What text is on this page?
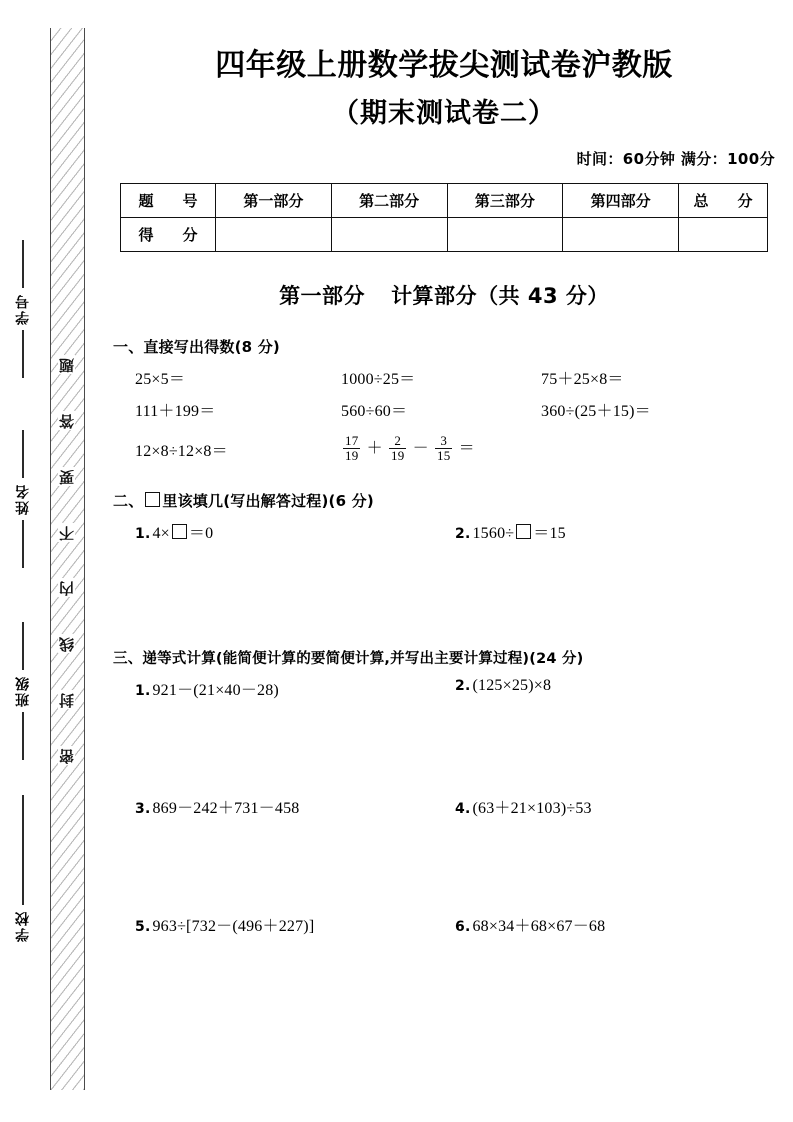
题
答
要
不
内
线
封
密
学号
姓名
班级
学校
四年级上册数学拔尖测试卷沪教版
（期末测试卷二）
时间：60分钟 满分：100分
题　号	第一部分	第二部分	第三部分	第四部分	总　分
得　分					
第一部分 计算部分（共 43 分）
一、直接写出得数(8 分)
25×5＝	1000÷25＝	75＋25×8＝
111＋199＝	560÷60＝	360÷(25＋15)＝
12×8÷12×8＝	$\frac{17}{19} + \frac{2}{19} - \frac{3}{15}$ ＝
二、 里该填几(写出解答过程)(6 分)
1. 4× ＝0	2. 1560÷ ＝15
三、递等式计算(能简便计算的要简便计算,并写出主要计算过程)(24 分)
1. 921－(21×40－28)	2. (125×25)×8
3. 869－242＋731－458	4. (63＋21×103)÷53
5. 963÷[732－(496＋227)]	6. 68×34＋68×67－68
